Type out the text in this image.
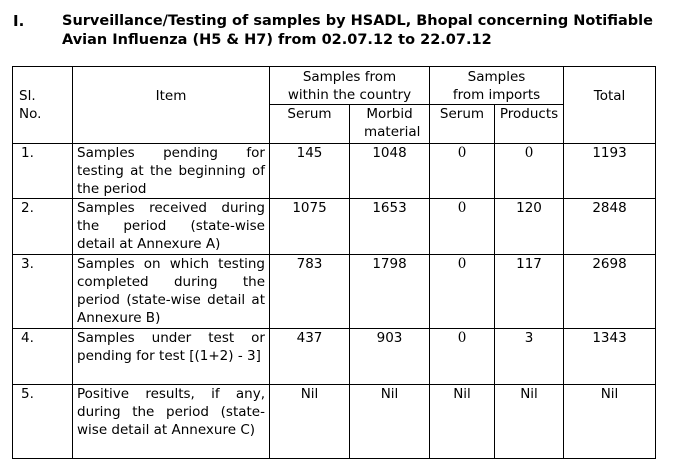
I.	Surveillance/Testing of samples by HSADL, Bhopal concerning Notifiable
Avian Influenza (H5 & H7) from 02.07.12 to 22.07.12
Sl. No.	Item	Samples from within the country		Samples from imports		Total
		Serum	Morbid material	Serum	Products	
1.	Samples pending for testing at the beginning of the period	145	1048	0	0	1193
2.	Samples received during the period (state-wise detail at Annexure A)	1075	1653	0	120	2848
3.	Samples on which testing completed during the period (state-wise detail at Annexure B)	783	1798	0	117	2698
4.	Samples under test or pending for test [(1+2) - 3]	437	903	0	3	1343
5.	Positive results, if any, during the period (state-wise detail at Annexure C)	Nil	Nil	Nil	Nil	Nil
